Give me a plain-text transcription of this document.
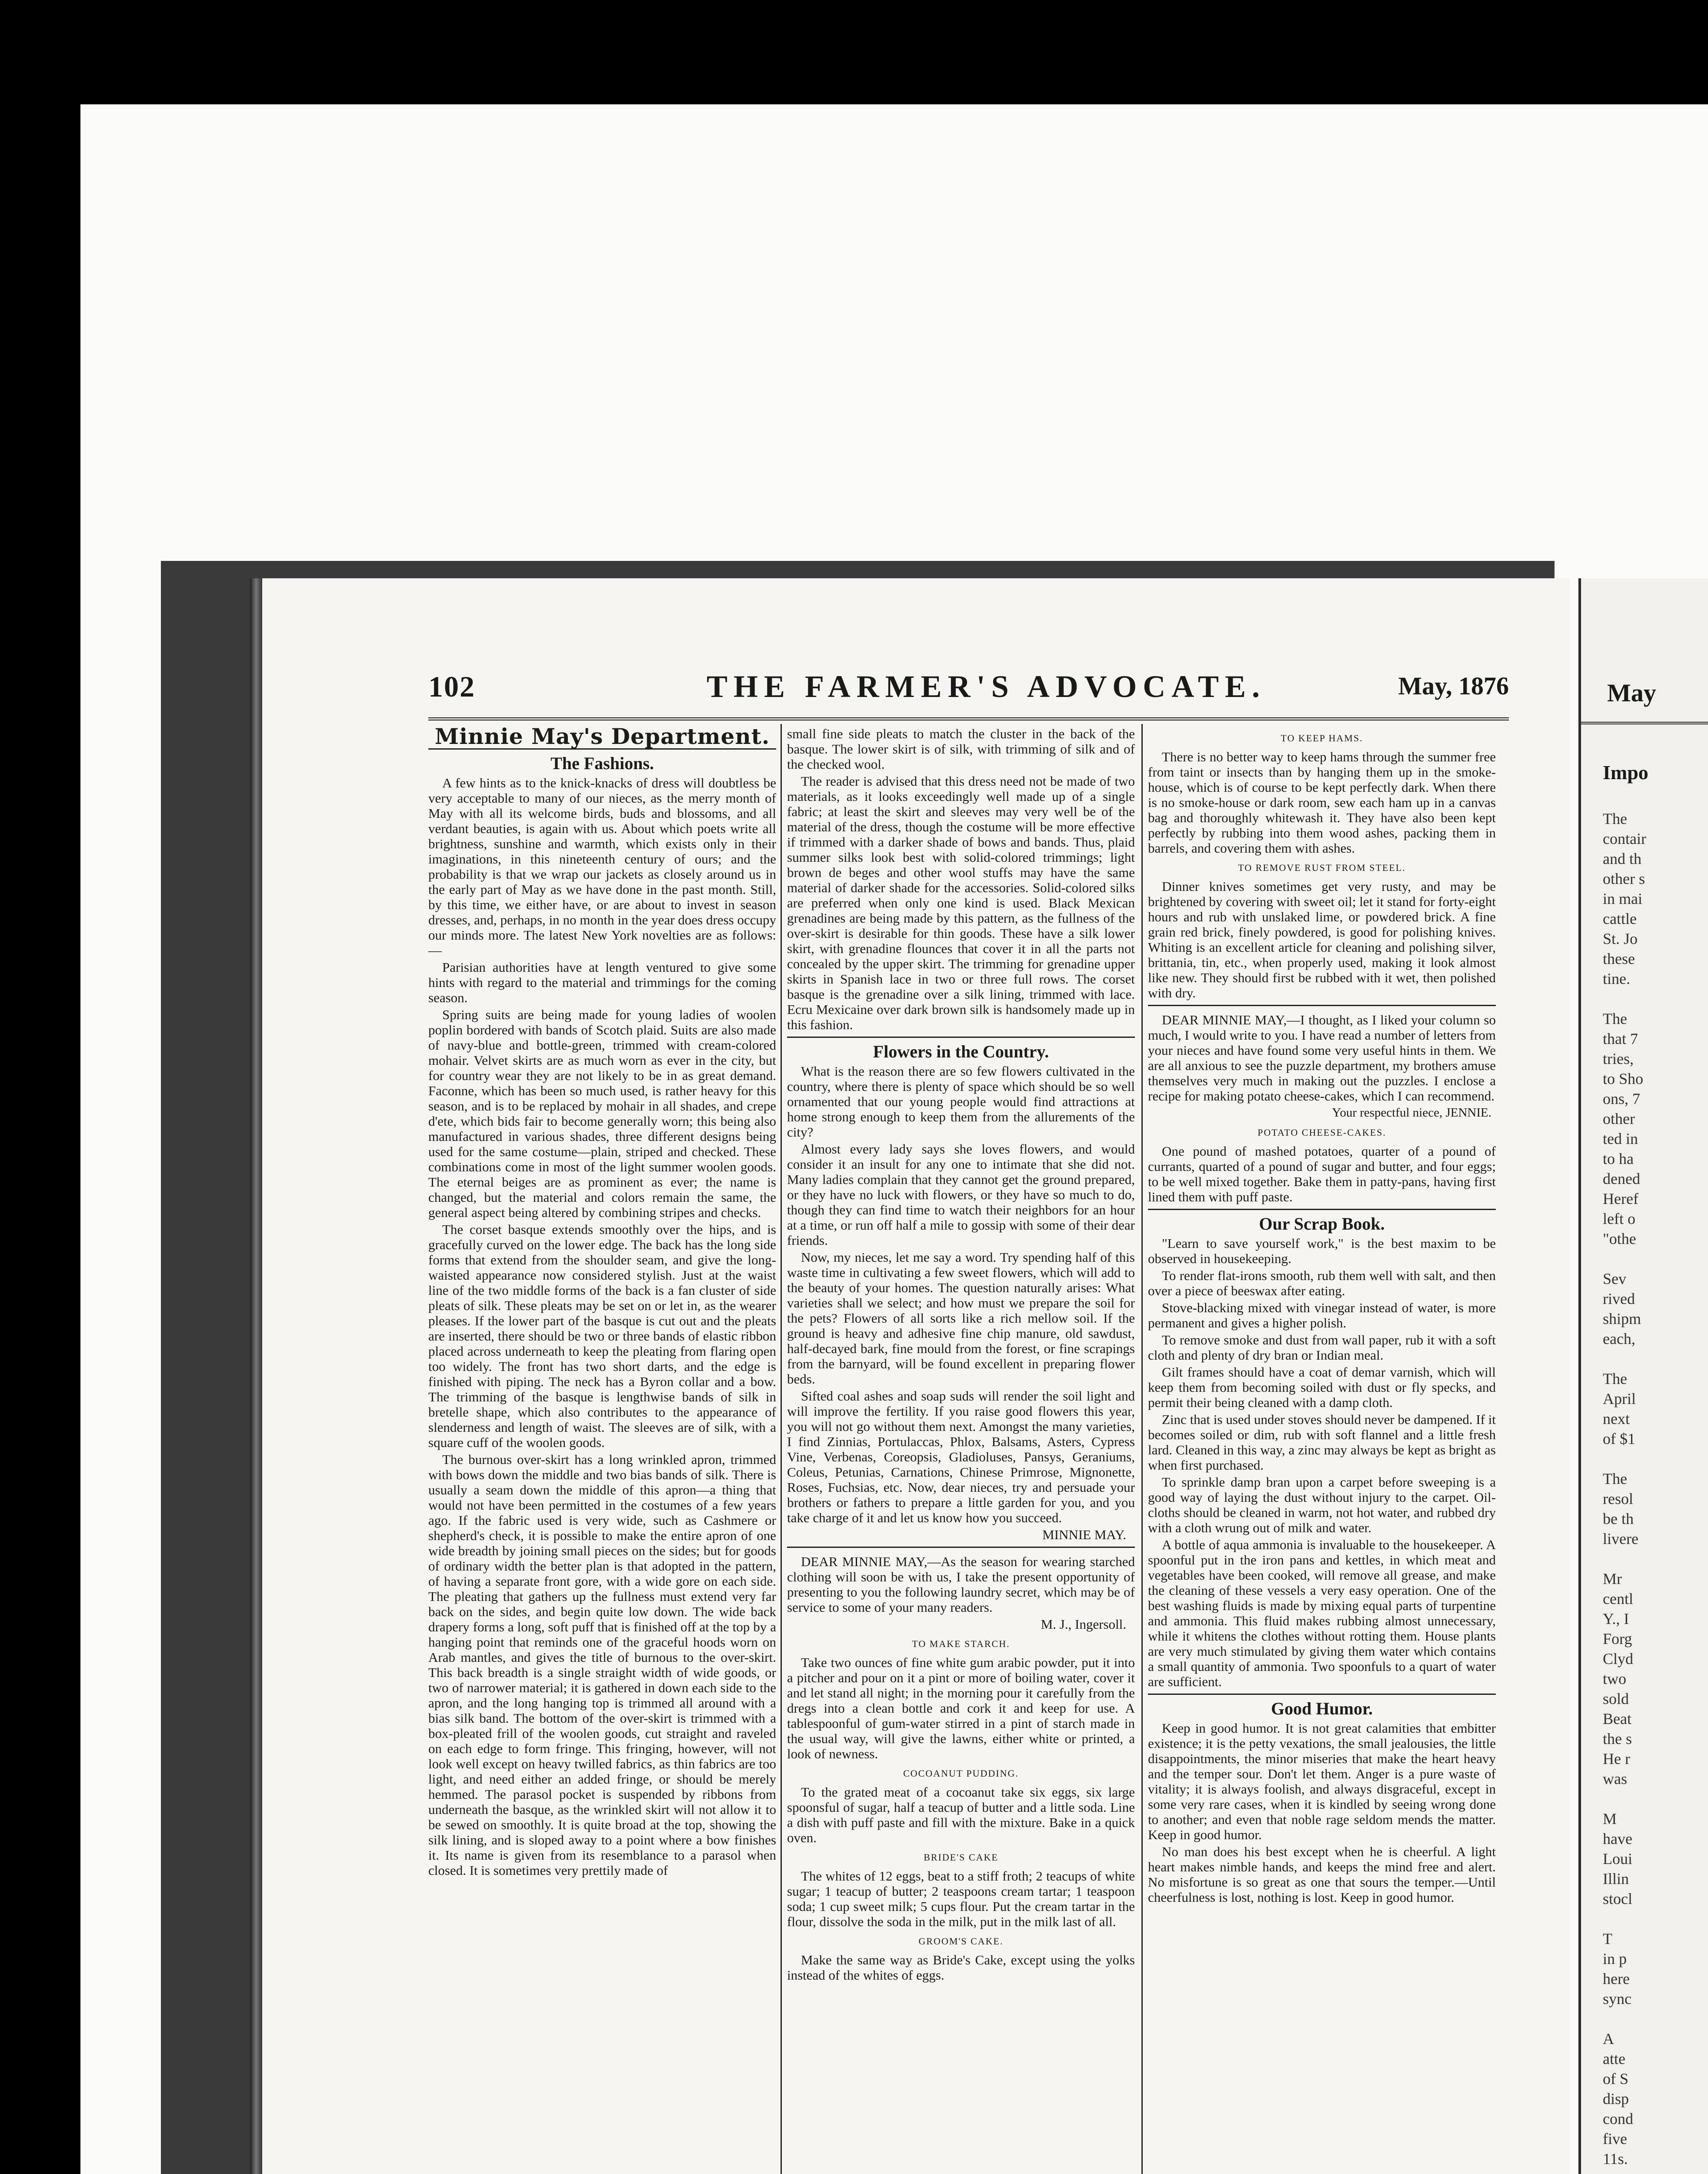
May
Impo
The
contair
and th
other s
in mai
cattle
St. Jo
these
tine.

The
that 7
tries,
to Sho
ons, 7
other
ted in
to ha
dened
Heref
left o
"othe

Sev
rived
shipm
each,

The
April
next
of $1

The
resol
be th
livere

Mr
centl
Y., I
Forg
Clyd
two
sold
Beat
the s
He r
was

M
have
Loui
Illin
stocl

T
in p
here
sync

A
atte
of S
disp
cond
five
11s.

102	THE FARMER'S ADVOCATE.	May, 1876
Minnie May's Department.
The Fashions.

A few hints as to the knick-knacks of dress will doubtless be very acceptable to many of our nieces, as the merry month of May with all its welcome birds, buds and blossoms, and all verdant beauties, is again with us. About which poets write all brightness, sunshine and warmth, which exists only in their imaginations, in this nineteenth century of ours; and the probability is that we wrap our jackets as closely around us in the early part of May as we have done in the past month. Still, by this time, we either have, or are about to invest in season dresses, and, perhaps, in no month in the year does dress occupy our minds more. The latest New York novelties are as follows:—

Parisian authorities have at length ventured to give some hints with regard to the material and trimmings for the coming season.

Spring suits are being made for young ladies of woolen poplin bordered with bands of Scotch plaid. Suits are also made of navy-blue and bottle-green, trimmed with cream-colored mohair. Velvet skirts are as much worn as ever in the city, but for country wear they are not likely to be in as great demand. Faconne, which has been so much used, is rather heavy for this season, and is to be replaced by mohair in all shades, and crepe d'ete, which bids fair to become generally worn; this being also manufactured in various shades, three different designs being used for the same costume—plain, striped and checked. These combinations come in most of the light summer woolen goods. The eternal beiges are as prominent as ever; the name is changed, but the material and colors remain the same, the general aspect being altered by combining stripes and checks.

The corset basque extends smoothly over the hips, and is gracefully curved on the lower edge. The back has the long side forms that extend from the shoulder seam, and give the long-waisted appearance now considered stylish. Just at the waist line of the two middle forms of the back is a fan cluster of side pleats of silk. These pleats may be set on or let in, as the wearer pleases. If the lower part of the basque is cut out and the pleats are inserted, there should be two or three bands of elastic ribbon placed across underneath to keep the pleating from flaring open too widely. The front has two short darts, and the edge is finished with piping. The neck has a Byron collar and a bow. The trimming of the basque is lengthwise bands of silk in bretelle shape, which also contributes to the appearance of slenderness and length of waist. The sleeves are of silk, with a square cuff of the woolen goods.

The burnous over-skirt has a long wrinkled apron, trimmed with bows down the middle and two bias bands of silk. There is usually a seam down the middle of this apron—a thing that would not have been permitted in the costumes of a few years ago. If the fabric used is very wide, such as Cashmere or shepherd's check, it is possible to make the entire apron of one wide breadth by joining small pieces on the sides; but for goods of ordinary width the better plan is that adopted in the pattern, of having a separate front gore, with a wide gore on each side. The pleating that gathers up the fullness must extend very far back on the sides, and begin quite low down. The wide back drapery forms a long, soft puff that is finished off at the top by a hanging point that reminds one of the graceful hoods worn on Arab mantles, and gives the title of burnous to the over-skirt. This back breadth is a single straight width of wide goods, or two of narrower material; it is gathered in down each side to the apron, and the long hanging top is trimmed all around with a bias silk band. The bottom of the over-skirt is trimmed with a box-pleated frill of the woolen goods, cut straight and raveled on each edge to form fringe. This fringing, however, will not look well except on heavy twilled fabrics, as thin fabrics are too light, and need either an added fringe, or should be merely hemmed. The parasol pocket is suspended by ribbons from underneath the basque, as the wrinkled skirt will not allow it to be sewed on smoothly. It is quite broad at the top, showing the silk lining, and is sloped away to a point where a bow finishes it. Its name is given from its resemblance to a parasol when closed. It is sometimes very prettily made of

small fine side pleats to match the cluster in the back of the basque. The lower skirt is of silk, with trimming of silk and of the checked wool.

The reader is advised that this dress need not be made of two materials, as it looks exceedingly well made up of a single fabric; at least the skirt and sleeves may very well be of the material of the dress, though the costume will be more effective if trimmed with a darker shade of bows and bands. Thus, plaid summer silks look best with solid-colored trimmings; light brown de beges and other wool stuffs may have the same material of darker shade for the accessories. Solid-colored silks are preferred when only one kind is used. Black Mexican grenadines are being made by this pattern, as the fullness of the over-skirt is desirable for thin goods. These have a silk lower skirt, with grenadine flounces that cover it in all the parts not concealed by the upper skirt. The trimming for grenadine upper skirts in Spanish lace in two or three full rows. The corset basque is the grenadine over a silk lining, trimmed with lace. Ecru Mexicaine over dark brown silk is handsomely made up in this fashion.

Flowers in the Country.

What is the reason there are so few flowers cultivated in the country, where there is plenty of space which should be so well ornamented that our young people would find attractions at home strong enough to keep them from the allurements of the city?

Almost every lady says she loves flowers, and would consider it an insult for any one to intimate that she did not. Many ladies complain that they cannot get the ground prepared, or they have no luck with flowers, or they have so much to do, though they can find time to watch their neighbors for an hour at a time, or run off half a mile to gossip with some of their dear friends.

Now, my nieces, let me say a word. Try spending half of this waste time in cultivating a few sweet flowers, which will add to the beauty of your homes. The question naturally arises: What varieties shall we select; and how must we prepare the soil for the pets? Flowers of all sorts like a rich mellow soil. If the ground is heavy and adhesive fine chip manure, old sawdust, half-decayed bark, fine mould from the forest, or fine scrapings from the barnyard, will be found excellent in preparing flower beds.

Sifted coal ashes and soap suds will render the soil light and will improve the fertility. If you raise good flowers this year, you will not go without them next. Amongst the many varieties, I find Zinnias, Portulaccas, Phlox, Balsams, Asters, Cypress Vine, Verbenas, Coreopsis, Gladioluses, Pansys, Geraniums, Coleus, Petunias, Carnations, Chinese Primrose, Mignonette, Roses, Fuchsias, etc. Now, dear nieces, try and persuade your brothers or fathers to prepare a little garden for you, and you take charge of it and let us know how you succeed.

MINNIE MAY.

DEAR MINNIE MAY,—As the season for wearing starched clothing will soon be with us, I take the present opportunity of presenting to you the following laundry secret, which may be of service to some of your many readers.

M. J., Ingersoll.
TO MAKE STARCH.

Take two ounces of fine white gum arabic powder, put it into a pitcher and pour on it a pint or more of boiling water, cover it and let stand all night; in the morning pour it carefully from the dregs into a clean bottle and cork it and keep for use. A tablespoonful of gum-water stirred in a pint of starch made in the usual way, will give the lawns, either white or printed, a look of newness.

COCOANUT PUDDING.

To the grated meat of a cocoanut take six eggs, six large spoonsful of sugar, half a teacup of butter and a little soda. Line a dish with puff paste and fill with the mixture. Bake in a quick oven.

BRIDE'S CAKE

The whites of 12 eggs, beat to a stiff froth; 2 teacups of white sugar; 1 teacup of butter; 2 teaspoons cream tartar; 1 teaspoon soda; 1 cup sweet milk; 5 cups flour. Put the cream tartar in the flour, dissolve the soda in the milk, put in the milk last of all.

GROOM'S CAKE.

Make the same way as Bride's Cake, except using the yolks instead of the whites of eggs.

TO KEEP HAMS.

There is no better way to keep hams through the summer free from taint or insects than by hanging them up in the smoke-house, which is of course to be kept perfectly dark. When there is no smoke-house or dark room, sew each ham up in a canvas bag and thoroughly whitewash it. They have also been kept perfectly by rubbing into them wood ashes, packing them in barrels, and covering them with ashes.

TO REMOVE RUST FROM STEEL.

Dinner knives sometimes get very rusty, and may be brightened by covering with sweet oil; let it stand for forty-eight hours and rub with unslaked lime, or powdered brick. A fine grain red brick, finely powdered, is good for polishing knives. Whiting is an excellent article for cleaning and polishing silver, brittania, tin, etc., when properly used, making it look almost like new. They should first be rubbed with it wet, then polished with dry.

DEAR MINNIE MAY,—I thought, as I liked your column so much, I would write to you. I have read a number of letters from your nieces and have found some very useful hints in them. We are all anxious to see the puzzle department, my brothers amuse themselves very much in making out the puzzles. I enclose a recipe for making potato cheese-cakes, which I can recommend.

Your respectful niece, JENNIE.
POTATO CHEESE-CAKES.

One pound of mashed potatoes, quarter of a pound of currants, quarted of a pound of sugar and butter, and four eggs; to be well mixed together. Bake them in patty-pans, having first lined them with puff paste.

Our Scrap Book.

"Learn to save yourself work," is the best maxim to be observed in housekeeping.

To render flat-irons smooth, rub them well with salt, and then over a piece of beeswax after eating.

Stove-blacking mixed with vinegar instead of water, is more permanent and gives a higher polish.

To remove smoke and dust from wall paper, rub it with a soft cloth and plenty of dry bran or Indian meal.

Gilt frames should have a coat of demar varnish, which will keep them from becoming soiled with dust or fly specks, and permit their being cleaned with a damp cloth.

Zinc that is used under stoves should never be dampened. If it becomes soiled or dim, rub with soft flannel and a little fresh lard. Cleaned in this way, a zinc may always be kept as bright as when first purchased.

To sprinkle damp bran upon a carpet before sweeping is a good way of laying the dust without injury to the carpet. Oil-cloths should be cleaned in warm, not hot water, and rubbed dry with a cloth wrung out of milk and water.

A bottle of aqua ammonia is invaluable to the housekeeper. A spoonful put in the iron pans and kettles, in which meat and vegetables have been cooked, will remove all grease, and make the cleaning of these vessels a very easy operation. One of the best washing fluids is made by mixing equal parts of turpentine and ammonia. This fluid makes rubbing almost unnecessary, while it whitens the clothes without rotting them. House plants are very much stimulated by giving them water which contains a small quantity of ammonia. Two spoonfuls to a quart of water are sufficient.

Good Humor.

Keep in good humor. It is not great calamities that embitter existence; it is the petty vexations, the small jealousies, the little disappointments, the minor miseries that make the heart heavy and the temper sour. Don't let them. Anger is a pure waste of vitality; it is always foolish, and always disgraceful, except in some very rare cases, when it is kindled by seeing wrong done to another; and even that noble rage seldom mends the matter. Keep in good humor.

No man does his best except when he is cheerful. A light heart makes nimble hands, and keeps the mind free and alert. No misfortune is so great as one that sours the temper.—Until cheerfulness is lost, nothing is lost. Keep in good humor.
